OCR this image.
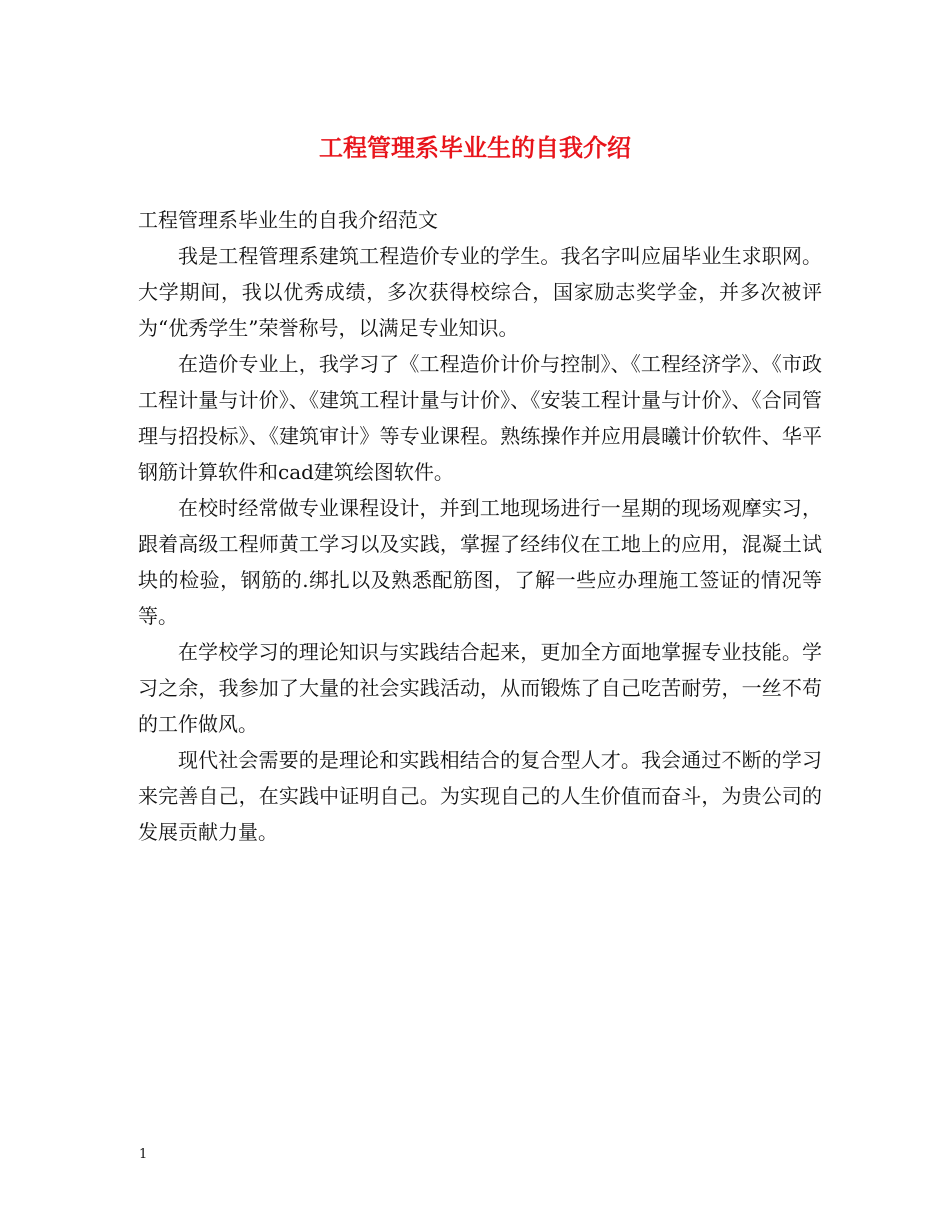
工程管理系毕业生的自我介绍

工程管理系毕业生的自我介绍范文

我是工程管理系建筑工程造价专业的学生。我名字叫应届毕业生求职网。大学期间，我以优秀成绩，多次获得校综合，国家励志奖学金，并多次被评为“优秀学生”荣誉称号，以满足专业知识。

在造价专业上，我学习了《工程造价计价与控制》、《工程经济学》、《市政工程计量与计价》、《建筑工程计量与计价》、《安装工程计量与计价》、《合同管理与招投标》、《建筑审计》等专业课程。熟练操作并应用晨曦计价软件、华平钢筋计算软件和cad建筑绘图软件。

在校时经常做专业课程设计，并到工地现场进行一星期的现场观摩实习，跟着高级工程师黄工学习以及实践，掌握了经纬仪在工地上的应用，混凝土试块的检验，钢筋的.绑扎以及熟悉配筋图，了解一些应办理施工签证的情况等等。

在学校学习的理论知识与实践结合起来，更加全方面地掌握专业技能。学习之余，我参加了大量的社会实践活动，从而锻炼了自己吃苦耐劳，一丝不苟的工作做风。

现代社会需要的是理论和实践相结合的复合型人才。我会通过不断的学习来完善自己，在实践中证明自己。为实现自己的人生价值而奋斗，为贵公司的发展贡献力量。

1
